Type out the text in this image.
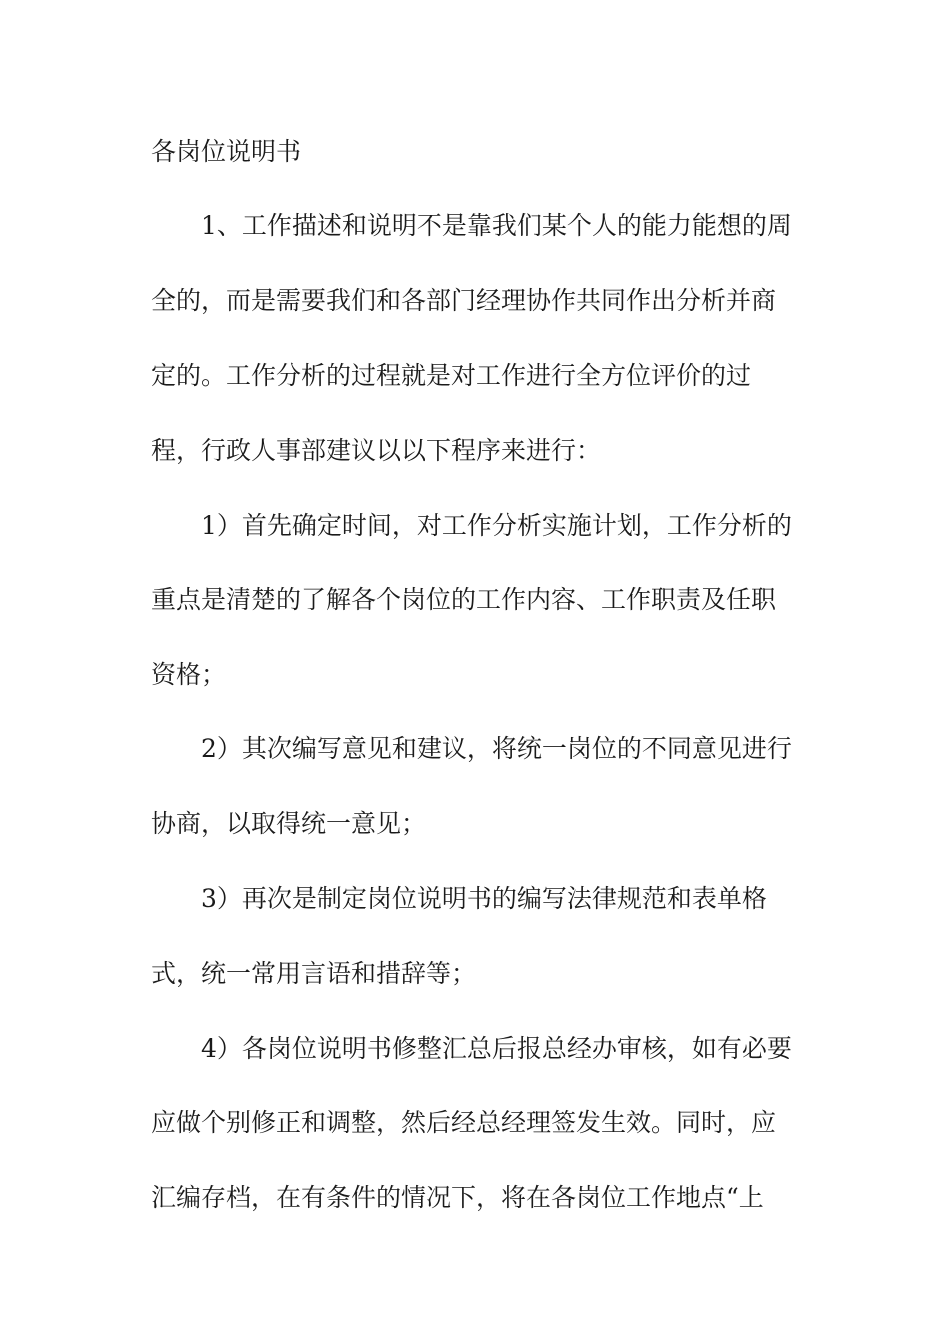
各岗位说明书

1、工作描述和说明不是靠我们某个人的能力能想的周

全的，而是需要我们和各部门经理协作共同作出分析并商

定的。工作分析的过程就是对工作进行全方位评价的过

程，行政人事部建议以以下程序来进行：

1）首先确定时间，对工作分析实施计划，工作分析的

重点是清楚的了解各个岗位的工作内容、工作职责及任职

资格；

2）其次编写意见和建议，将统一岗位的不同意见进行

协商，以取得统一意见；

3）再次是制定岗位说明书的编写法律规范和表单格

式，统一常用言语和措辞等；

4）各岗位说明书修整汇总后报总经办审核，如有必要

应做个别修正和调整，然后经总经理签发生效。同时，应

汇编存档，在有条件的情况下，将在各岗位工作地点“上
